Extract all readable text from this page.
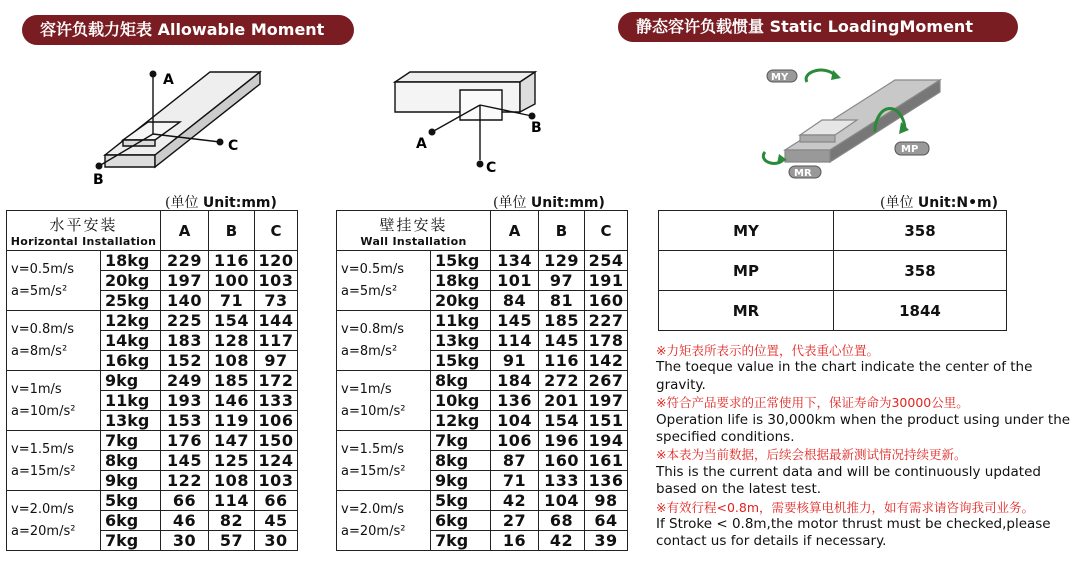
容许负载力矩表 Allowable Moment	静态容许负载惯量 Static LoadingMoment
A
C
B
A
B
C
MY
MP
MR
(单位 Unit:mm)	(单位 Unit:mm)	(单位 Unit:N•m)
水平安装
Horizontal Installation		A	B	C

v=0.5m/s
a=5m/s²	18kg	229	116	120
	20kg	197	100	103
	25kg	140	71	73

v=0.8m/s
a=8m/s²	12kg	225	154	144
	14kg	183	128	117
	16kg	152	108	97

v=1m/s
a=10m/s²	9kg	249	185	172
	11kg	193	146	133
	13kg	153	119	106

v=1.5m/s
a=15m/s²	7kg	176	147	150
	8kg	145	125	124
	9kg	122	108	103

v=2.0m/s
a=20m/s²	5kg	66	114	66
	6kg	46	82	45
	7kg	30	57	30
壁挂安装
Wall Installation		A	B	C

v=0.5m/s
a=5m/s²	15kg	134	129	254
	18kg	101	97	191
	20kg	84	81	160

v=0.8m/s
a=8m/s²	11kg	145	185	227
	13kg	114	145	178
	15kg	91	116	142

v=1m/s
a=10m/s²	8kg	184	272	267
	10kg	136	201	197
	12kg	104	154	151

v=1.5m/s
a=15m/s²	7kg	106	196	194
	8kg	87	160	161
	9kg	71	133	136

v=2.0m/s
a=20m/s²	5kg	42	104	98
	6kg	27	68	64
	7kg	16	42	39
MY	358
MP	358
MR	1844

※力矩表所表示的位置，代表重心位置。

The toeque value in the chart indicate the center of the gravity.

※符合产品要求的正常使用下，保证寿命为30000公里。

Operation life is 30,000km when the product using under the specified conditions.

※本表为当前数据，后续会根据最新测试情况持续更新。

This is the current data and will be continuously updated based on the latest test.

※有效行程<0.8m，需要核算电机推力，如有需求请咨询我司业务。

If Stroke < 0.8m,the motor thrust must be checked,please contact us for details if necessary.
